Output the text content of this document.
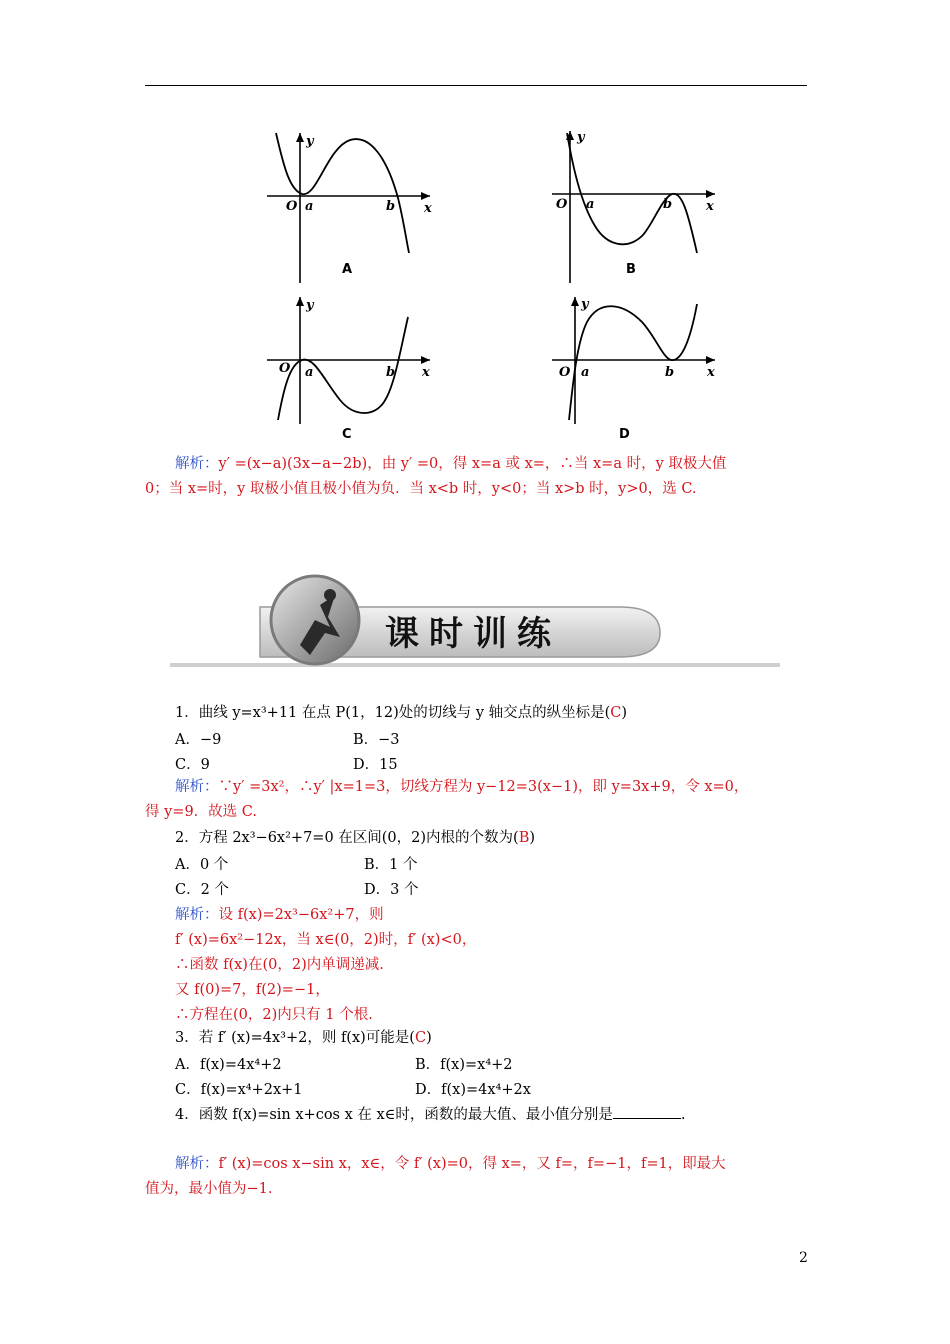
y
x
O a	b
A
y
x
O a	b
B
y
x
O a	b
C
y
x
O a	b
D
解析：y′ =(x−a)(3x−a−2b)，由 y′ =0，得 x=a 或 x=，∴当 x=a 时，y 取极大值
0；当 x=时，y 取极小值且极小值为负．当 x<b 时，y<0；当 x>b 时，y>0，选 C.
课时训练
1．曲线 y=x³+11 在点 P(1，12)处的切线与 y 轴交点的纵坐标是(C)
A．−9	B．−3
C．9	D．15
解析：∵y′ =3x²，∴y′ |x=1=3，切线方程为 y−12=3(x−1)，即 y=3x+9，令 x=0，
得 y=9．故选 C.
2．方程 2x³−6x²+7=0 在区间(0，2)内根的个数为(B)
A．0 个	B．1 个
C．2 个	D．3 个
解析：设 f(x)=2x³−6x²+7，则
f′ (x)=6x²−12x，当 x∈(0，2)时，f′ (x)<0，
∴函数 f(x)在(0，2)内单调递减.
又 f(0)=7，f(2)=−1，
∴方程在(0，2)内只有 1 个根.
3．若 f′ (x)=4x³+2，则 f(x)可能是(C)
A．f(x)=4x⁴+2	B．f(x)=x⁴+2
C．f(x)=x⁴+2x+1	D．f(x)=4x⁴+2x
4．函数 f(x)=sin x+cos x 在 x∈时，函数的最大值、最小值分别是	.
解析：f′ (x)=cos x−sin x，x∈，令 f′ (x)=0，得 x=，又 f=，f=−1，f=1，即最大
值为，最小值为−1.
2
